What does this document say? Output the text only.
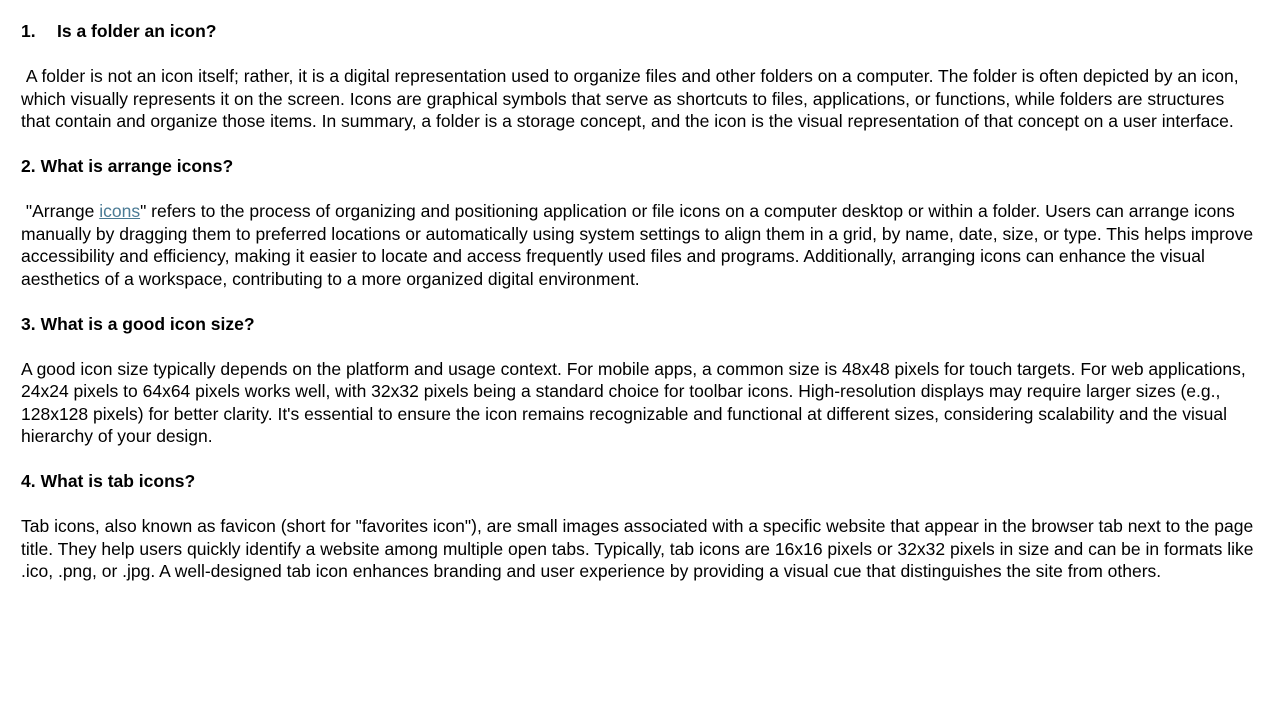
1. Is a folder an icon?

A folder is not an icon itself; rather, it is a digital representation used to organize files and other folders on a computer. The folder is often depicted by an icon, which visually represents it on the screen. Icons are graphical symbols that serve as shortcuts to files, applications, or functions, while folders are structures that contain and organize those items. In summary, a folder is a storage concept, and the icon is the visual representation of that concept on a user interface.

2. What is arrange icons?

"Arrange icons" refers to the process of organizing and positioning application or file icons on a computer desktop or within a folder. Users can arrange icons manually by dragging them to preferred locations or automatically using system settings to align them in a grid, by name, date, size, or type. This helps improve accessibility and efficiency, making it easier to locate and access frequently used files and programs. Additionally, arranging icons can enhance the visual aesthetics of a workspace, contributing to a more organized digital environment.

3. What is a good icon size?

A good icon size typically depends on the platform and usage context. For mobile apps, a common size is 48x48 pixels for touch targets. For web applications, 24x24 pixels to 64x64 pixels works well, with 32x32 pixels being a standard choice for toolbar icons. High-resolution displays may require larger sizes (e.g., 128x128 pixels) for better clarity. It's essential to ensure the icon remains recognizable and functional at different sizes, considering scalability and the visual hierarchy of your design.

4. What is tab icons?

Tab icons, also known as favicon (short for "favorites icon"), are small images associated with a specific website that appear in the browser tab next to the page title. They help users quickly identify a website among multiple open tabs. Typically, tab icons are 16x16 pixels or 32x32 pixels in size and can be in formats like .ico, .png, or .jpg. A well-designed tab icon enhances branding and user experience by providing a visual cue that distinguishes the site from others.
